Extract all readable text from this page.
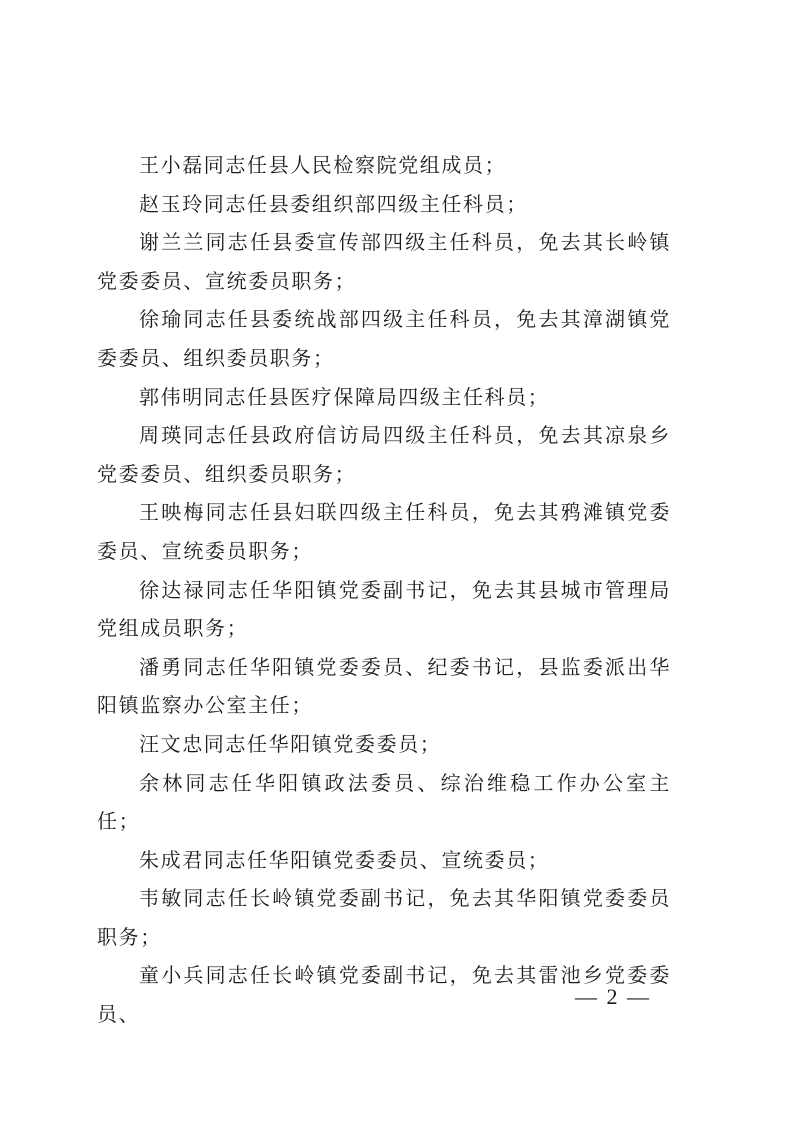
王小磊同志任县人民检察院党组成员；

赵玉玲同志任县委组织部四级主任科员；

谢兰兰同志任县委宣传部四级主任科员，免去其长岭镇党委委员、宣统委员职务；

徐瑜同志任县委统战部四级主任科员，免去其漳湖镇党委委员、组织委员职务；

郭伟明同志任县医疗保障局四级主任科员；

周瑛同志任县政府信访局四级主任科员，免去其凉泉乡党委委员、组织委员职务；

王映梅同志任县妇联四级主任科员，免去其鸦滩镇党委委员、宣统委员职务；

徐达禄同志任华阳镇党委副书记，免去其县城市管理局党组成员职务；

潘勇同志任华阳镇党委委员、纪委书记，县监委派出华阳镇监察办公室主任；

汪文忠同志任华阳镇党委委员；

余林同志任华阳镇政法委员、综治维稳工作办公室主任；

朱成君同志任华阳镇党委委员、宣统委员；

韦敏同志任长岭镇党委副书记，免去其华阳镇党委委员职务；

童小兵同志任长岭镇党委副书记，免去其雷池乡党委委员、

— 2 —
